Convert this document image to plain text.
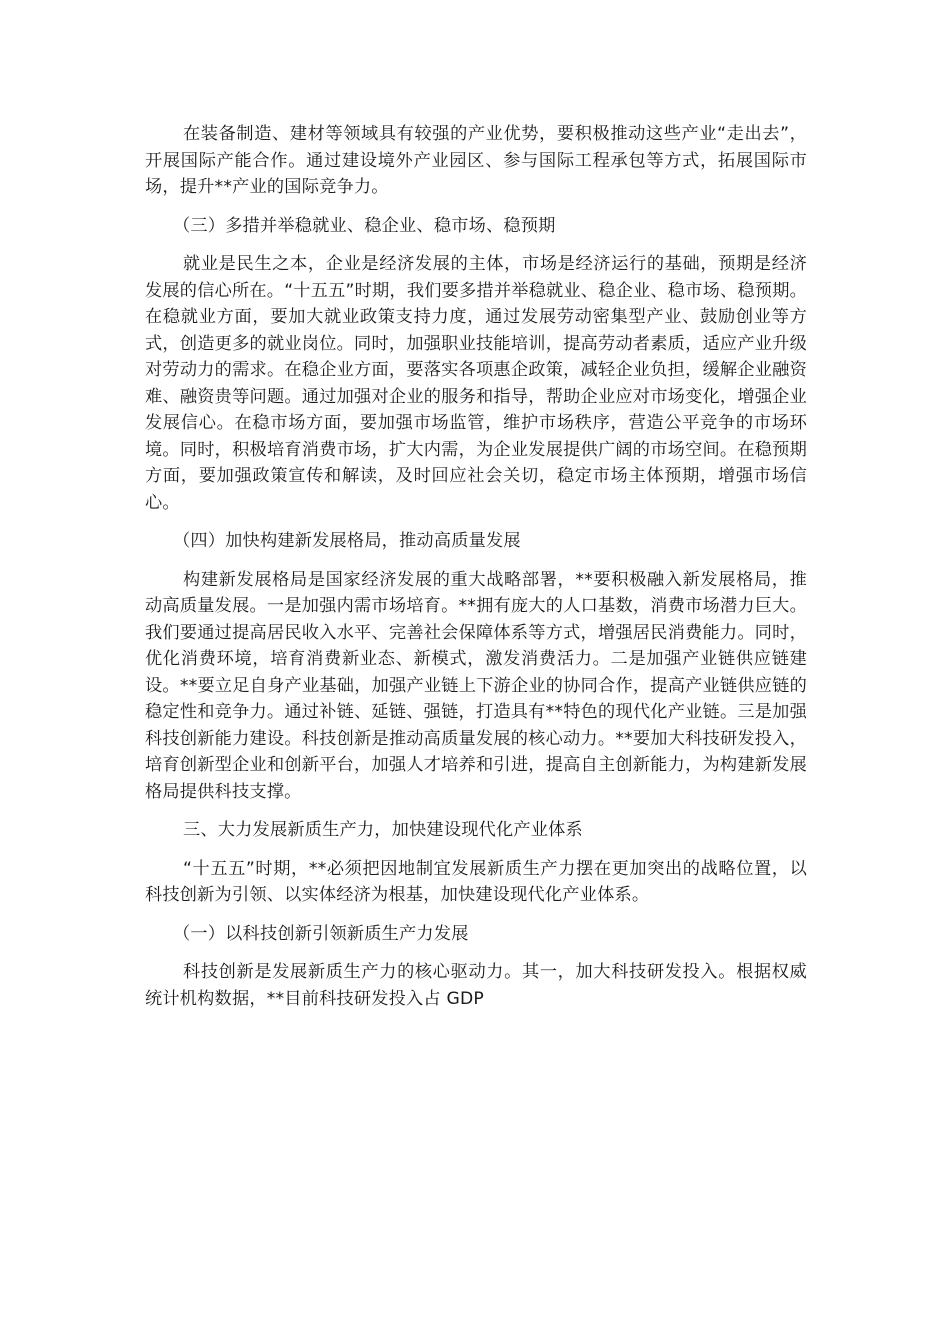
在装备制造、建材等领域具有较强的产业优势，要积极推动这些产业“走出去”，开展国际产能合作。通过建设境外产业园区、参与国际工程承包等方式，拓展国际市场，提升**产业的国际竞争力。

（三）多措并举稳就业、稳企业、稳市场、稳预期

就业是民生之本，企业是经济发展的主体，市场是经济运行的基础，预期是经济发展的信心所在。“十五五”时期，我们要多措并举稳就业、稳企业、稳市场、稳预期。在稳就业方面，要加大就业政策支持力度，通过发展劳动密集型产业、鼓励创业等方式，创造更多的就业岗位。同时，加强职业技能培训，提高劳动者素质，适应产业升级对劳动力的需求。在稳企业方面，要落实各项惠企政策，减轻企业负担，缓解企业融资难、融资贵等问题。通过加强对企业的服务和指导，帮助企业应对市场变化，增强企业发展信心。在稳市场方面，要加强市场监管，维护市场秩序，营造公平竞争的市场环境。同时，积极培育消费市场，扩大内需，为企业发展提供广阔的市场空间。在稳预期方面，要加强政策宣传和解读，及时回应社会关切，稳定市场主体预期，增强市场信心。

（四）加快构建新发展格局，推动高质量发展

构建新发展格局是国家经济发展的重大战略部署，**要积极融入新发展格局，推动高质量发展。一是加强内需市场培育。**拥有庞大的人口基数，消费市场潜力巨大。我们要通过提高居民收入水平、完善社会保障体系等方式，增强居民消费能力。同时，优化消费环境，培育消费新业态、新模式，激发消费活力。二是加强产业链供应链建设。**要立足自身产业基础，加强产业链上下游企业的协同合作，提高产业链供应链的稳定性和竞争力。通过补链、延链、强链，打造具有**特色的现代化产业链。三是加强科技创新能力建设。科技创新是推动高质量发展的核心动力。**要加大科技研发投入，培育创新型企业和创新平台，加强人才培养和引进，提高自主创新能力，为构建新发展格局提供科技支撑。

三、大力发展新质生产力，加快建设现代化产业体系

“十五五”时期，**必须把因地制宜发展新质生产力摆在更加突出的战略位置，以科技创新为引领、以实体经济为根基，加快建设现代化产业体系。

（一）以科技创新引领新质生产力发展

科技创新是发展新质生产力的核心驱动力。其一，加大科技研发投入。根据权威统计机构数据，**目前科技研发投入占 GDP
